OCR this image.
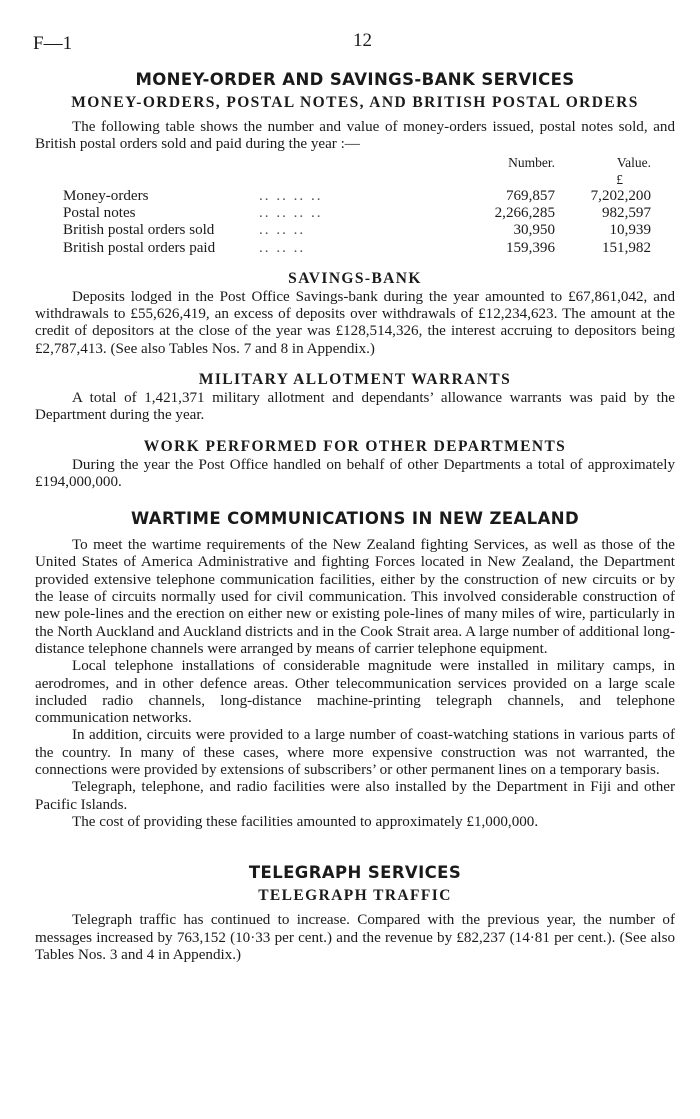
F—1	12
MONEY-ORDER AND SAVINGS-BANK SERVICES
MONEY-ORDERS, POSTAL NOTES, AND BRITISH POSTAL ORDERS

The following table shows the number and value of money-orders issued, postal notes sold, and British postal orders sold and paid during the year :—

		Number.	Value.
			£
Money-orders	.. .. .. ..	769,857	7,202,200
Postal notes	.. .. .. ..	2,266,285	982,597
British postal orders sold	.. .. ..	30,950	10,939
British postal orders paid	.. .. ..	159,396	151,982
SAVINGS-BANK

Deposits lodged in the Post Office Savings-bank during the year amounted to £67,861,042, and withdrawals to £55,626,419, an excess of deposits over withdrawals of £12,234,623. The amount at the credit of depositors at the close of the year was £128,514,326, the interest accruing to depositors being £2,787,413. (See also Tables Nos. 7 and 8 in Appendix.)

MILITARY ALLOTMENT WARRANTS

A total of 1,421,371 military allotment and dependants’ allowance warrants was paid by the Department during the year.

WORK PERFORMED FOR OTHER DEPARTMENTS

During the year the Post Office handled on behalf of other Departments a total of approximately £194,000,000.

WARTIME COMMUNICATIONS IN NEW ZEALAND

To meet the wartime requirements of the New Zealand fighting Services, as well as those of the United States of America Administrative and fighting Forces located in New Zealand, the Department provided extensive telephone communication facilities, either by the construction of new circuits or by the lease of circuits normally used for civil communication. This involved considerable construction of new pole-lines and the erection on either new or existing pole-lines of many miles of wire, particularly in the North Auckland and Auckland districts and in the Cook Strait area. A large number of additional long-distance telephone channels were arranged by means of carrier telephone equipment.

Local telephone installations of considerable magnitude were installed in military camps, in aerodromes, and in other defence areas. Other telecommunication services provided on a large scale included radio channels, long-distance machine-printing telegraph channels, and telephone communication networks.

In addition, circuits were provided to a large number of coast-watching stations in various parts of the country. In many of these cases, where more expensive construction was not warranted, the connections were provided by extensions of subscribers’ or other permanent lines on a temporary basis.

Telegraph, telephone, and radio facilities were also installed by the Department in Fiji and other Pacific Islands.

The cost of providing these facilities amounted to approximately £1,000,000.

TELEGRAPH SERVICES
TELEGRAPH TRAFFIC

Telegraph traffic has continued to increase. Compared with the previous year, the number of messages increased by 763,152 (10·33 per cent.) and the revenue by £82,237 (14·81 per cent.). (See also Tables Nos. 3 and 4 in Appendix.)
